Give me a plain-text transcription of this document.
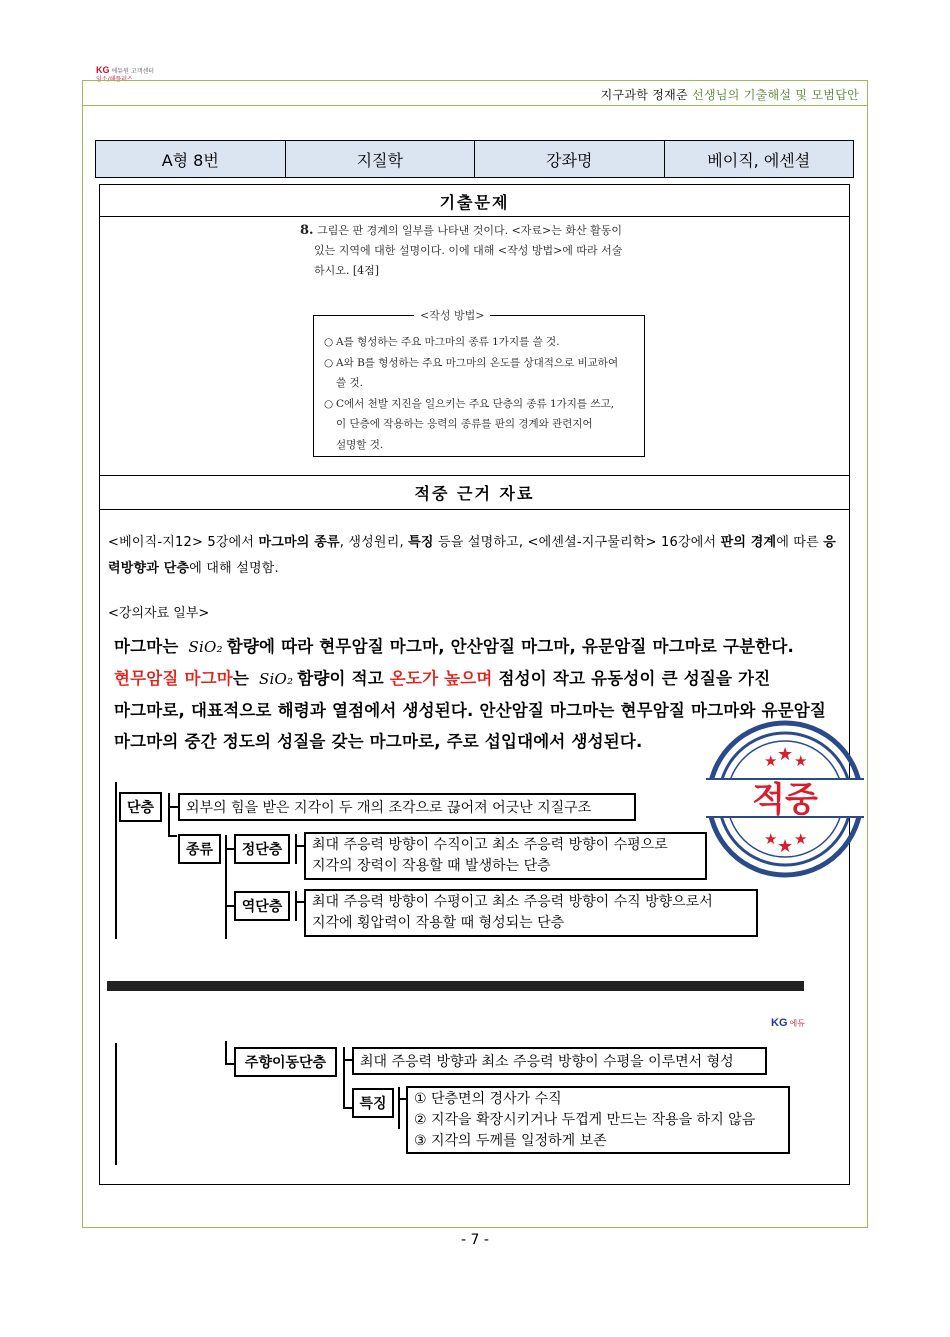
KG 에듀원 고객센터
임소/해플러스
지구과학 정재준 선생님의 기출해설 및 모범답안
A형 8번	지질학	강좌명	베이직, 에센셜
기출문제
8. 그림은 판 경계의 일부를 나타낸 것이다. <자료>는 화산 활동이
있는 지역에 대한 설명이다. 이에 대해 <작성 방법>에 따라 서술
하시오. [4점]
<작성 방법>
○ A를 형성하는 주요 마그마의 종류 1가지를 쓸 것.
○ A와 B를 형성하는 주요 마그마의 온도를 상대적으로 비교하여
쓸 것.
○ C에서 천발 지진을 일으키는 주요 단층의 종류 1가지를 쓰고,
이 단층에 작용하는 응력의 종류를 판의 경계와 관련지어
설명할 것.
적중 근거 자료
<베이직-지12> 5강에서 마그마의 종류, 생성원리, 특징 등을 설명하고, <에센셜-지구물리학> 16강에서 판의 경계에 따른 응력방향과 단층에 대해 설명함.
<강의자료 일부>
마그마는 SiO₂ 함량에 따라 현무암질 마그마, 안산암질 마그마, 유문암질 마그마로 구분한다.
현무암질 마그마는 SiO₂ 함량이 적고 온도가 높으며 점성이 작고 유동성이 큰 성질을 가진
마그마로, 대표적으로 해령과 열점에서 생성된다. 안산암질 마그마는 현무암질 마그마와 유문암질
마그마의 중간 정도의 성질을 갖는 마그마로, 주로 섭입대에서 생성된다.
★ ★ ★
적중
★ ★ ★
단층	외부의 힘을 받은 지각이 두 개의 조각으로 끊어져 어긋난 지질구조
종류	정단층	최대 주응력 방향이 수직이고 최소 주응력 방향이 수평으로
지각의 장력이 작용할 때 발생하는 단층
역단층	최대 주응력 방향이 수평이고 최소 주응력 방향이 수직 방향으로서
지각에 횡압력이 작용할 때 형성되는 단층
KG 에듀
주향이동단층	최대 주응력 방향과 최소 주응력 방향이 수평을 이루면서 형성
특징	① 단층면의 경사가 수직
② 지각을 확장시키거나 두껍게 만드는 작용을 하지 않음
③ 지각의 두께를 일정하게 보존
- 7 -
